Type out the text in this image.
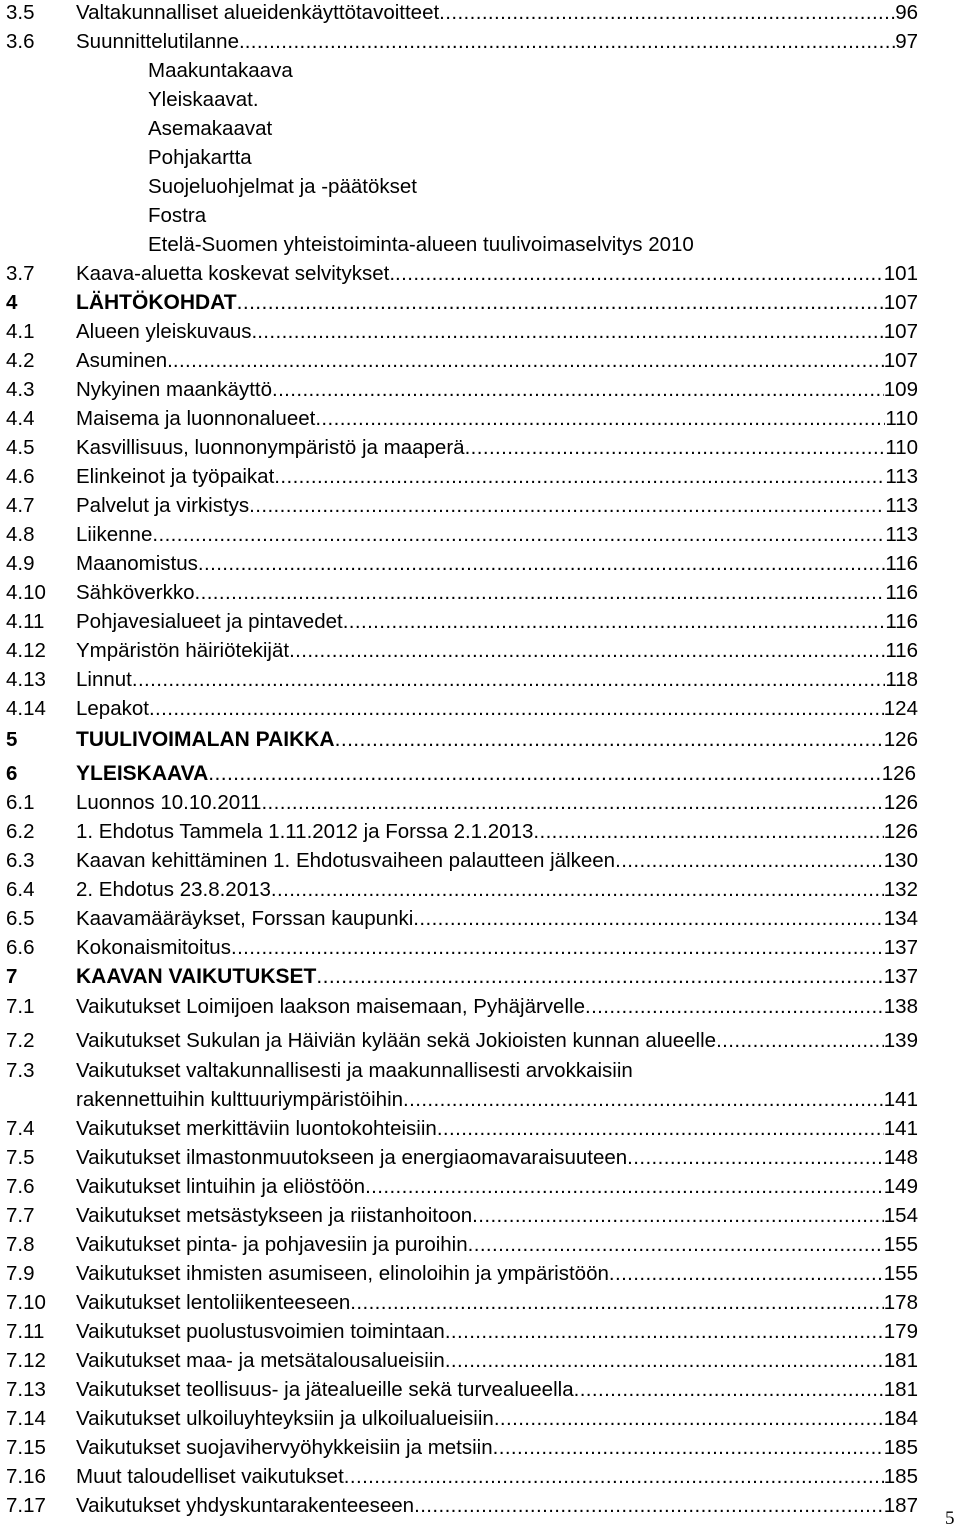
3.5 Valtakunnalliset alueidenkäyttötavoitteet .....	96
3.6 Suunnittelutilanne. .....	97
Maakuntakaava
Yleiskaavat.
Asemakaavat
Pohjakartta
Suojeluohjelmat ja -päätökset
Fostra
Etelä-Suomen yhteistoiminta-alueen tuulivoimaselvitys 2010
3.7 Kaava-aluetta koskevat selvitykset. .....	101
4	LÄHTÖKOHDAT .....	107
4.1 Alueen yleiskuvaus. .....	107
4.2 Asuminen. .....	107
4.3 Nykyinen maankäyttö .....	109
4.4 Maisema ja luonnonalueet .....	110
4.5 Kasvillisuus, luonnonympäristö ja maaperä .....	110
4.6 Elinkeinot ja työpaikat .....	113
4.7 Palvelut ja virkistys .....	113
4.8 Liikenne .....	113
4.9 Maanomistus .....	116
4.10 Sähköverkko .....	116
4.11 Pohjavesialueet ja pintavedet .....	116
4.12 Ympäristön häiriötekijät .....	116
4.13 Linnut .....	118
4.14 Lepakot .....	124
5	TUULIVOIMALAN PAIKKA .....	126
6	YLEISKAAVA .....	126
6.1 Luonnos 10.10.2011 .....	126
6.2 1. Ehdotus Tammela 1.11.2012 ja Forssa 2.1.2013 .....	126
6.3 Kaavan kehittäminen 1. Ehdotusvaiheen palautteen jälkeen .....	130
6.4 2. Ehdotus 23.8.2013 .....	132
6.5 Kaavamääräykset, Forssan kaupunki .....	134
6.6 Kokonaismitoitus .....	137
7	KAAVAN VAIKUTUKSET .....	137
7.1 Vaikutukset Loimijoen laakson maisemaan, Pyhäjärvelle .....	138
7.2 Vaikutukset Sukulan ja Häiviän kylään sekä Jokioisten kunnan alueelle .....	139
7.3 Vaikutukset valtakunnallisesti ja maakunnallisesti arvokkaisiin
rakennettuihin kulttuuriympäristöihin .....	141
7.4 Vaikutukset merkittäviin luontokohteisiin .....	141
7.5 Vaikutukset ilmastonmuutokseen ja energiaomavaraisuuteen .....	148
7.6 Vaikutukset lintuihin ja eliöstöön .....	149
7.7 Vaikutukset metsästykseen ja riistanhoitoon .....	154
7.8 Vaikutukset pinta- ja pohjavesiin ja puroihin .....	155
7.9 Vaikutukset ihmisten asumiseen, elinoloihin ja ympäristöön .....	155
7.10 Vaikutukset lentoliikenteeseen .....	178
7.11 Vaikutukset puolustusvoimien toimintaan .....	179
7.12 Vaikutukset maa- ja metsätalousalueisiin .....	181
7.13 Vaikutukset teollisuus- ja jätealueille sekä turvealueella .....	181
7.14 Vaikutukset ulkoiluyhteyksiin ja ulkoilualueisiin .....	184
7.15 Vaikutukset suojavihervyöhykkeisiin ja metsiin .....	185
7.16 Muut taloudelliset vaikutukset .....	185
7.17 Vaikutukset yhdyskuntarakenteeseen .....	187
5
